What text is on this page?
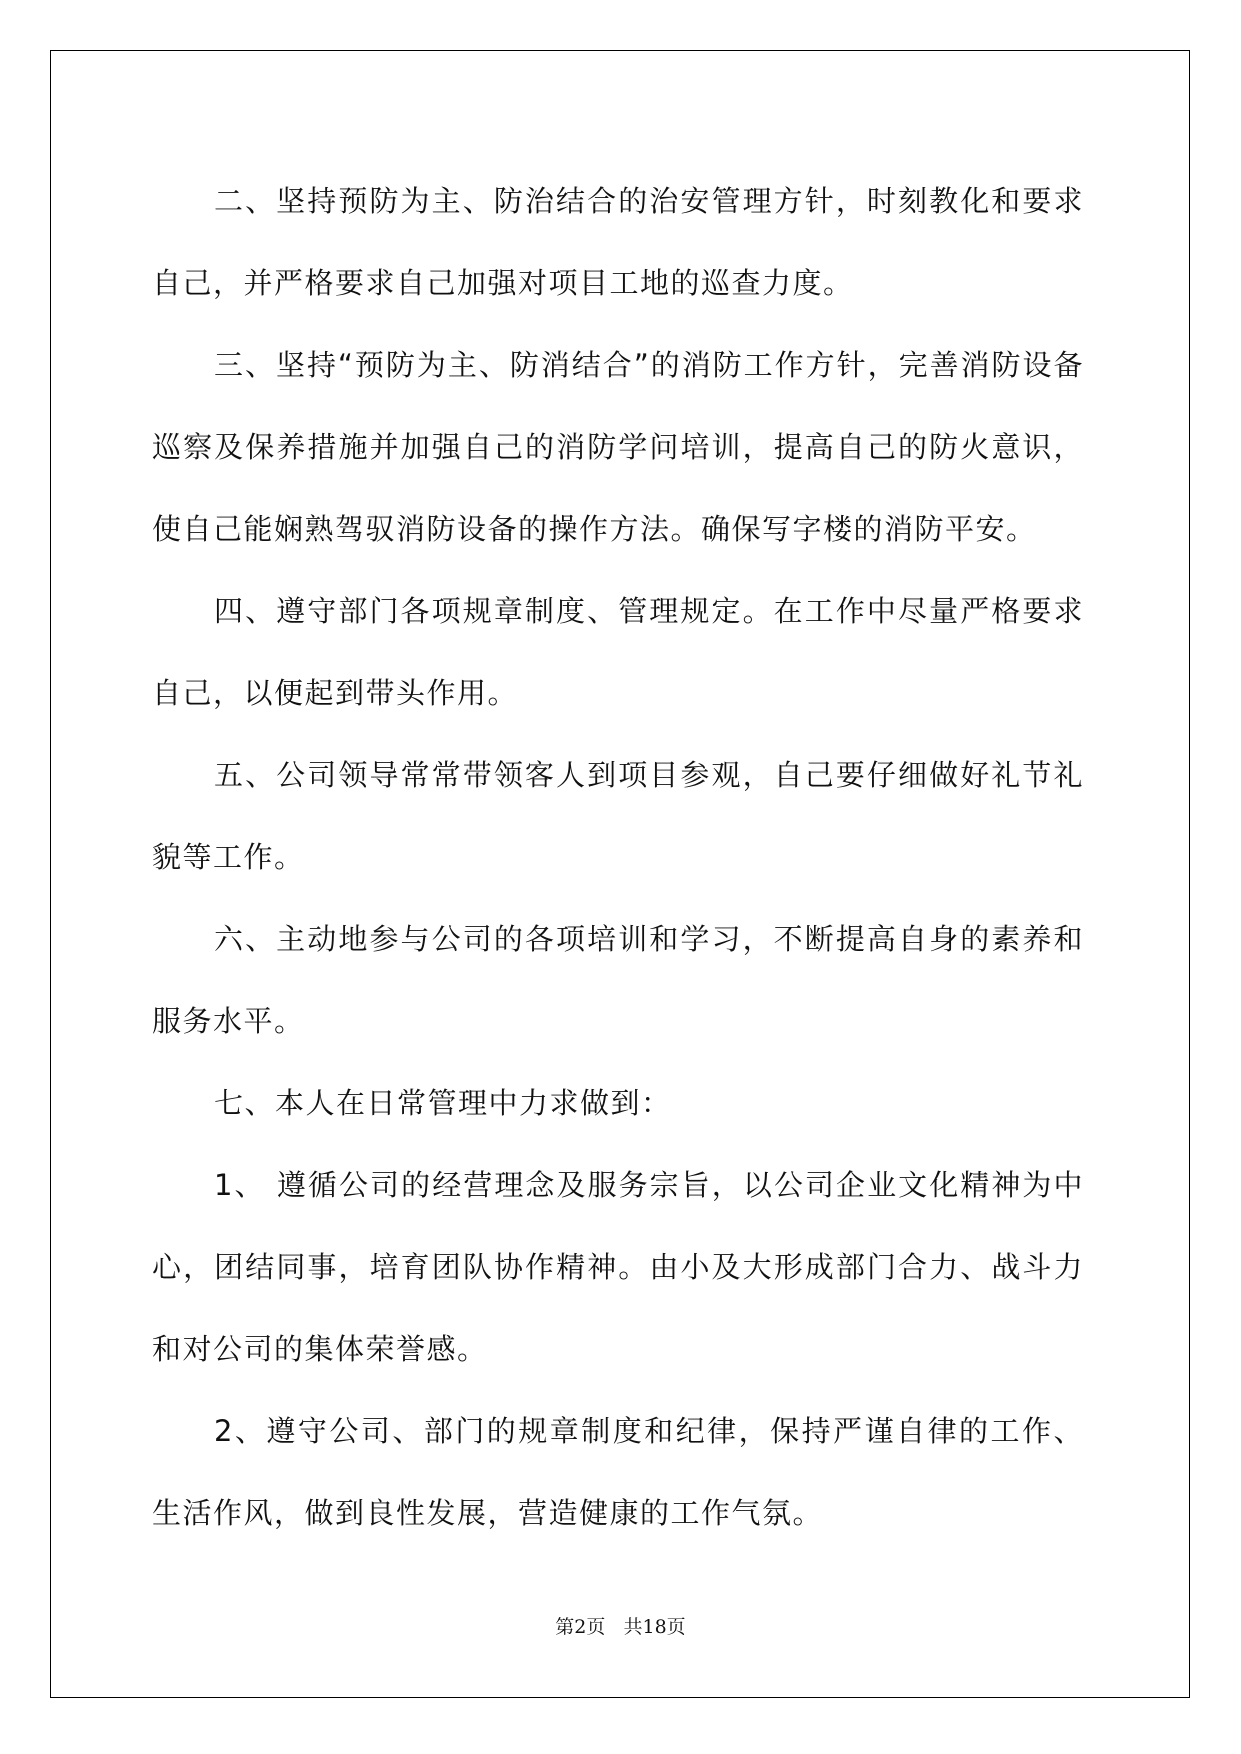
二、坚持预防为主、防治结合的治安管理方针，时刻教化和要求自己，并严格要求自己加强对项目工地的巡查力度。

三、坚持“预防为主、防消结合”的消防工作方针，完善消防设备巡察及保养措施并加强自己的消防学问培训，提高自己的防火意识，使自己能娴熟驾驭消防设备的操作方法。确保写字楼的消防平安。

四、遵守部门各项规章制度、管理规定。在工作中尽量严格要求自己，以便起到带头作用。

五、公司领导常常带领客人到项目参观，自己要仔细做好礼节礼貌等工作。

六、主动地参与公司的各项培训和学习，不断提高自身的素养和服务水平。

七、本人在日常管理中力求做到：

1、 遵循公司的经营理念及服务宗旨，以公司企业文化精神为中心，团结同事，培育团队协作精神。由小及大形成部门合力、战斗力和对公司的集体荣誉感。

2、遵守公司、部门的规章制度和纪律，保持严谨自律的工作、生活作风，做到良性发展，营造健康的工作气氛。

第2页   共18页
